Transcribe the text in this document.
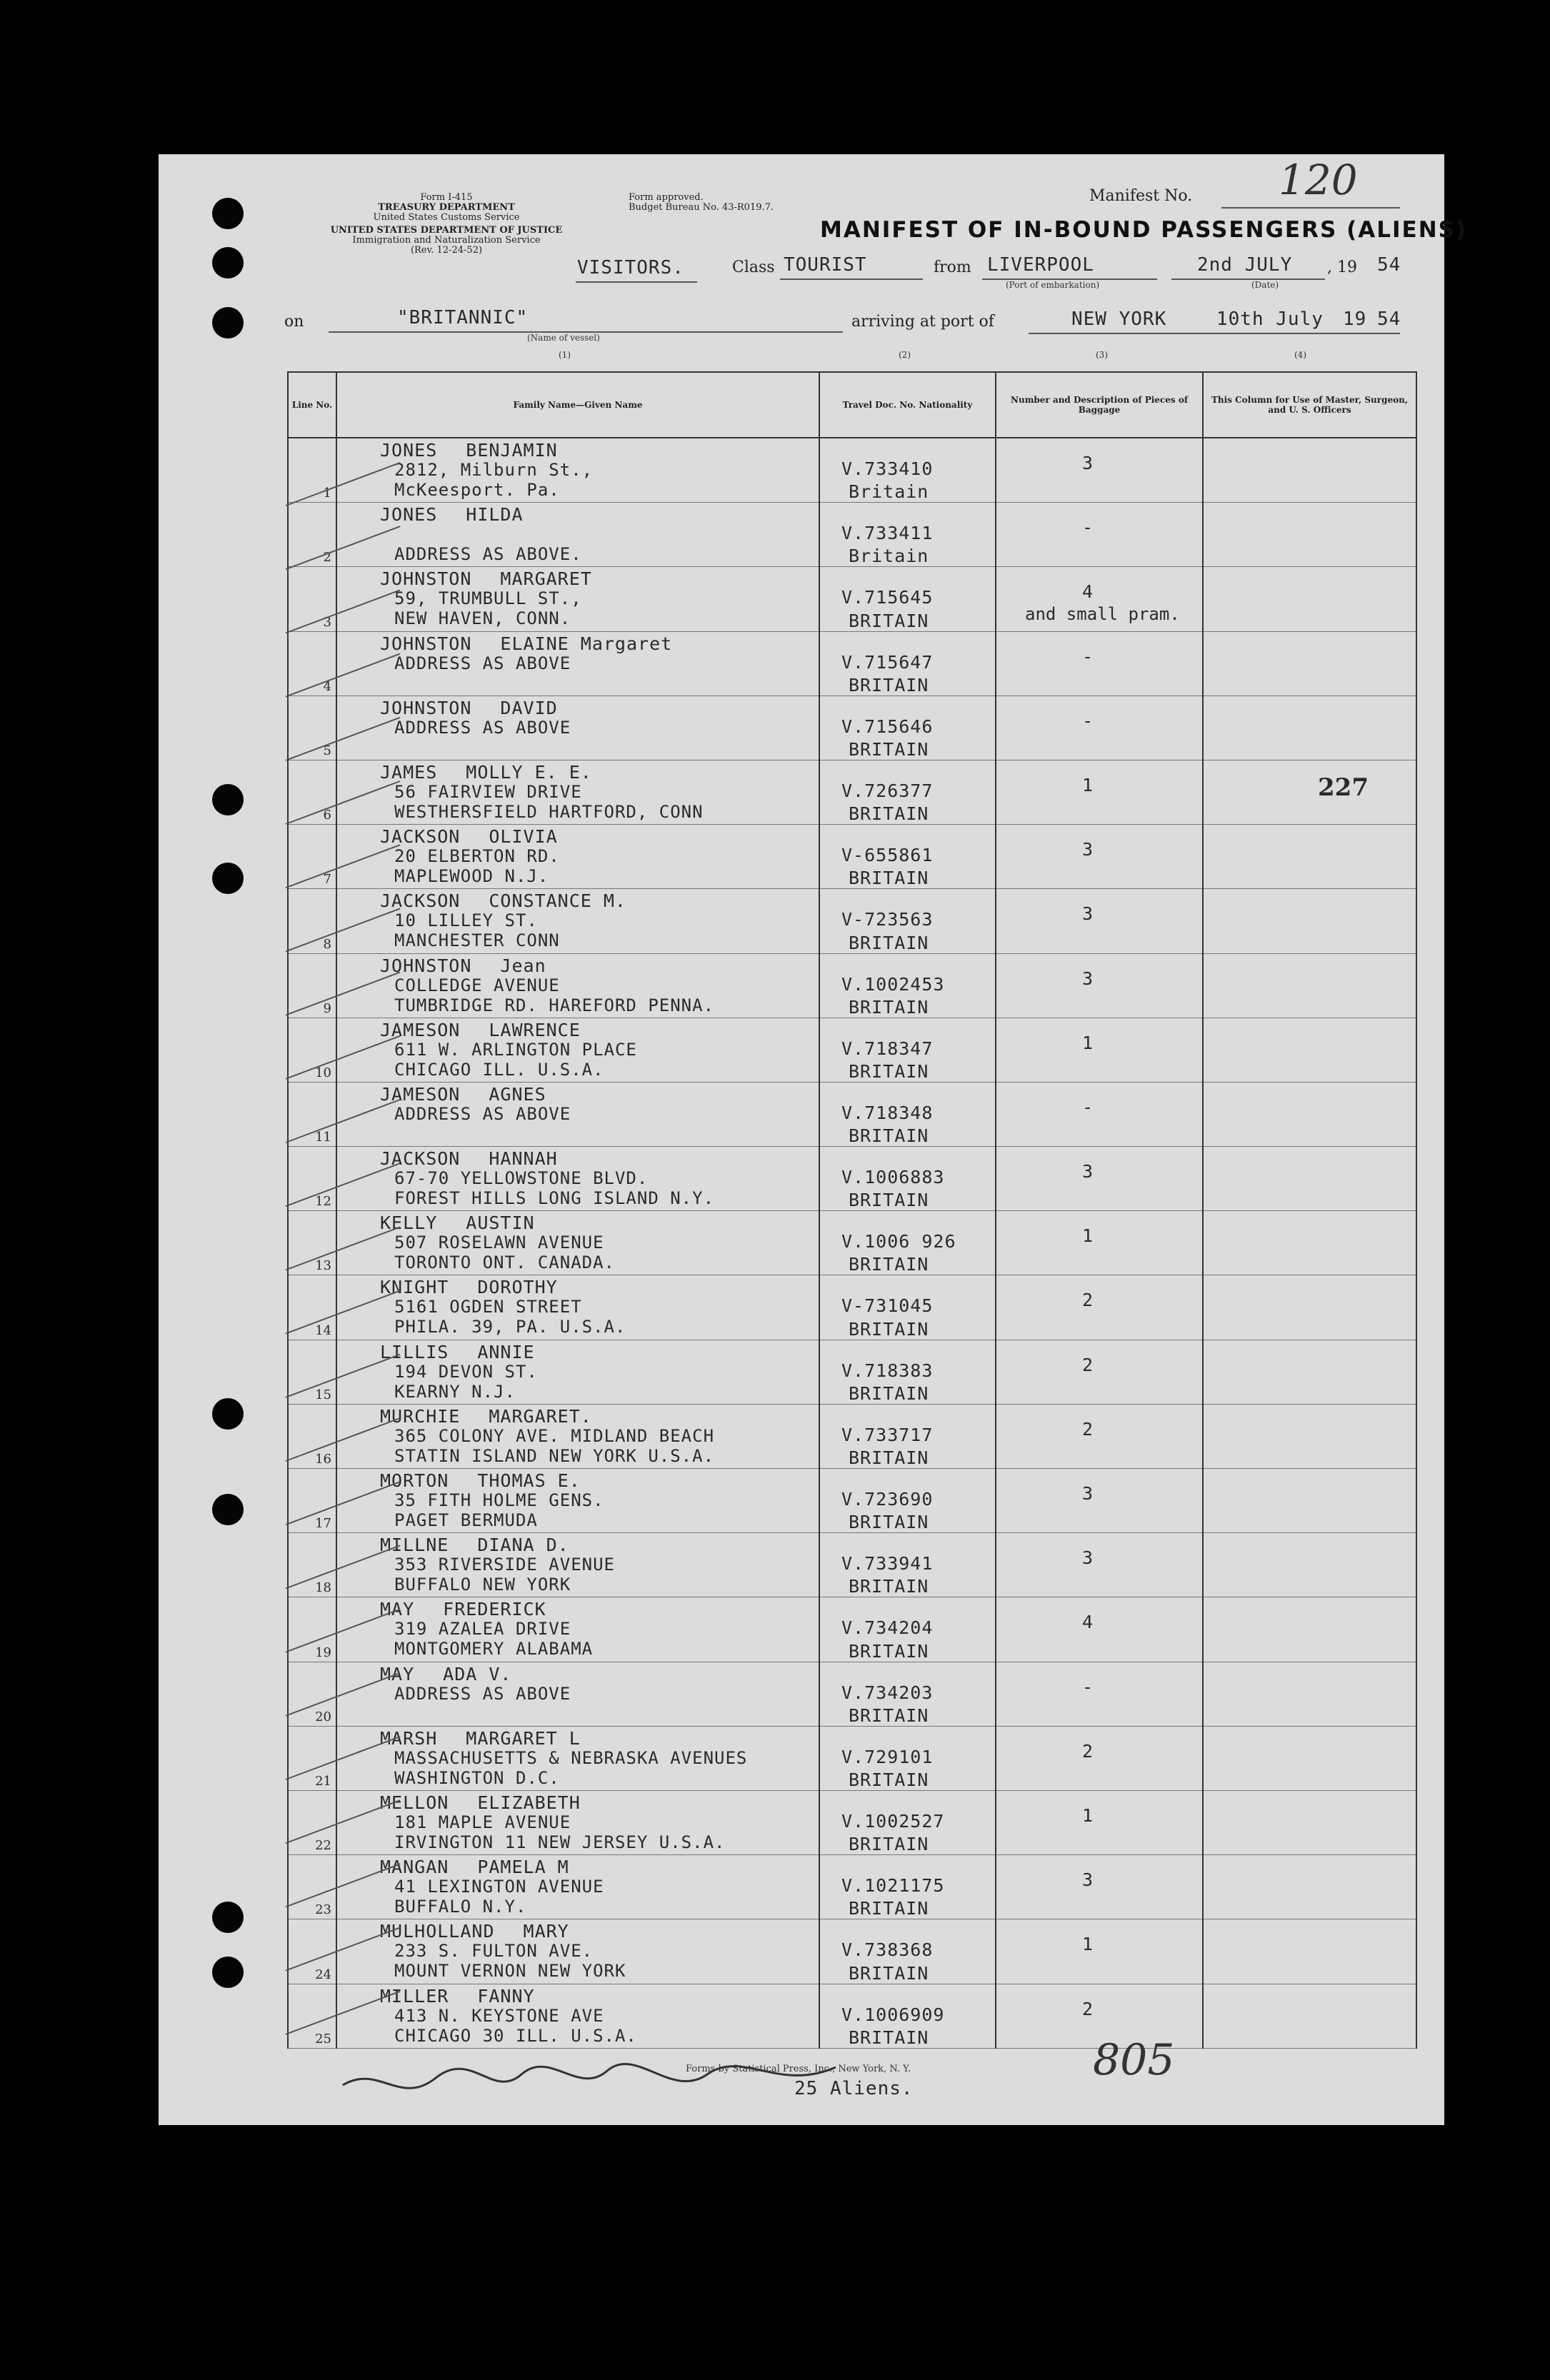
Form I-415
TREASURY DEPARTMENT
United States Customs Service
UNITED STATES DEPARTMENT OF JUSTICE
Immigration and Naturalization Service
(Rev. 12-24-52)
Form approved.
Budget Bureau No. 43-R019.7.
Manifest No. 120
MANIFEST OF IN-BOUND PASSENGERS (ALIENS)
VISITORS.	Class TOURIST	from LIVERPOOL
(Port of embarkation)
2nd JULY
(Date)
, 19 54
on	"BRITANNIC"
(Name of vessel)
arriving at port of	NEW YORK	10th July 19 54
(1)	(2)	(3)	(4)
Line No.	Family Name—Given Name	Travel Doc. No. Nationality	Number and Description of Pieces of Baggage	This Column for Use of Master, Surgeon, and U. S. Officers

1	JONES BENJAMIN
2812, Milburn St.,
McKeesport. Pa.	V.733410
Britain	3	

2	JONES HILDA
ADDRESS AS ABOVE.	V.733411
Britain	-	

3	JOHNSTON MARGARET
59, TRUMBULL ST.,
NEW HAVEN, CONN.	V.715645
BRITAIN	4
and small pram.	

4	JOHNSTON ELAINE Margaret
ADDRESS AS ABOVE	V.715647
BRITAIN	-	

5	JOHNSTON DAVID
ADDRESS AS ABOVE	V.715646
BRITAIN	-	

6	JAMES MOLLY E. E.
56 FAIRVIEW DRIVE
WESTHERSFIELD HARTFORD, CONN	V.726377
BRITAIN	1	227

7	JACKSON OLIVIA
20 ELBERTON RD.
MAPLEWOOD N.J.	V-655861
BRITAIN	3	

8	JACKSON CONSTANCE M.
10 LILLEY ST.
MANCHESTER CONN	V-723563
BRITAIN	3	

9	JOHNSTON Jean
COLLEDGE AVENUE
TUMBRIDGE RD. HAREFORD PENNA.	V.1002453
BRITAIN	3	

10	JAMESON LAWRENCE
611 W. ARLINGTON PLACE
CHICAGO ILL. U.S.A.	V.718347
BRITAIN	1	

11	JAMESON AGNES
ADDRESS AS ABOVE	V.718348
BRITAIN	-	

12	JACKSON HANNAH
67-70 YELLOWSTONE BLVD.
FOREST HILLS LONG ISLAND N.Y.	V.1006883
BRITAIN	3	

13	KELLY AUSTIN
507 ROSELAWN AVENUE
TORONTO ONT. CANADA.	V.1006 926
BRITAIN	1	

14	KNIGHT DOROTHY
5161 OGDEN STREET
PHILA. 39, PA. U.S.A.	V-731045
BRITAIN	2	

15	LILLIS ANNIE
194 DEVON ST.
KEARNY N.J.	V.718383
BRITAIN	2	

16	MURCHIE MARGARET.
365 COLONY AVE. MIDLAND BEACH
STATIN ISLAND NEW YORK U.S.A.	V.733717
BRITAIN	2	

17	MORTON THOMAS E.
35 FITH HOLME GENS.
PAGET BERMUDA	V.723690
BRITAIN	3	

18	MILLNE DIANA D.
353 RIVERSIDE AVENUE
BUFFALO NEW YORK	V.733941
BRITAIN	3	

19	MAY FREDERICK
319 AZALEA DRIVE
MONTGOMERY ALABAMA	V.734204
BRITAIN	4	

20	MAY ADA V.
ADDRESS AS ABOVE	V.734203
BRITAIN	-	

21	MARSH MARGARET L
MASSACHUSETTS & NEBRASKA AVENUES
WASHINGTON D.C.	V.729101
BRITAIN	2	

22	MELLON ELIZABETH
181 MAPLE AVENUE
IRVINGTON 11 NEW JERSEY U.S.A.	V.1002527
BRITAIN	1	

23	MANGAN PAMELA M
41 LEXINGTON AVENUE
BUFFALO N.Y.	V.1021175
BRITAIN	3	

24	MULHOLLAND MARY
233 S. FULTON AVE.
MOUNT VERNON NEW YORK	V.738368
BRITAIN	1	

25	MILLER FANNY
413 N. KEYSTONE AVE
CHICAGO 30 ILL. U.S.A.	V.1006909
BRITAIN	2	

Forms by Statistical Press, Inc., New York, N. Y.
25 Aliens.
805
